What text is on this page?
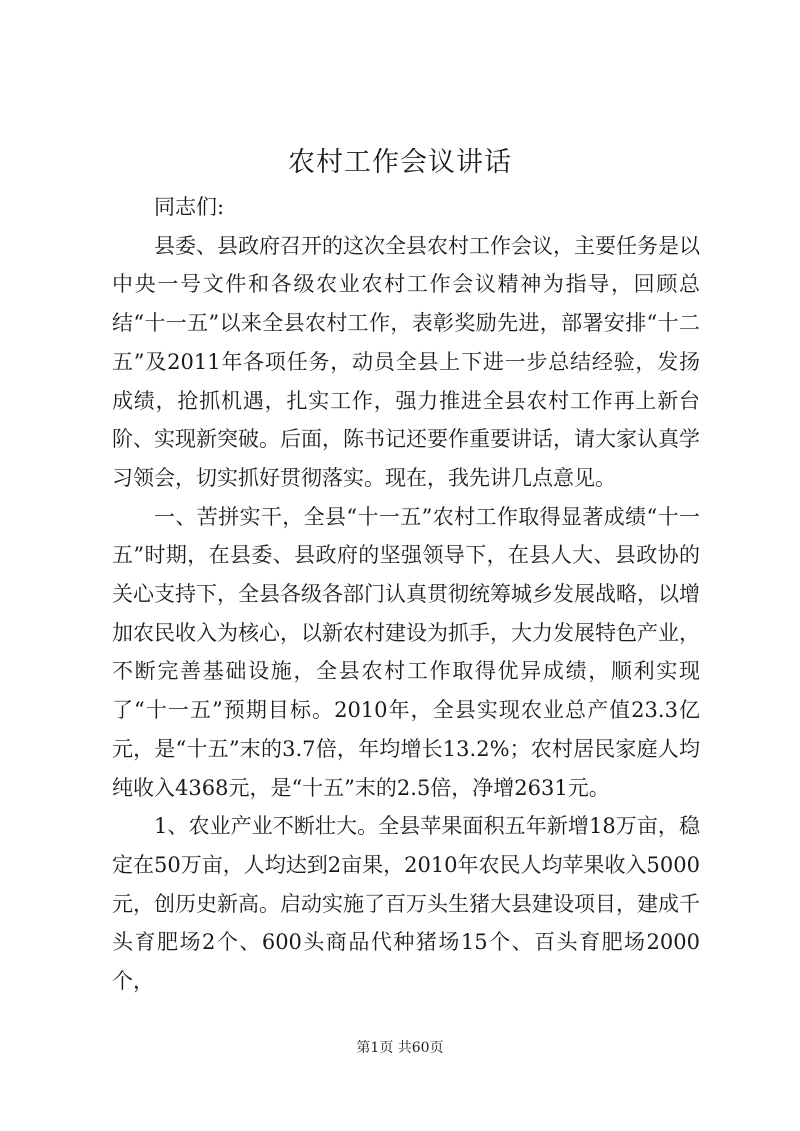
农村工作会议讲话

同志们:

县委、县政府召开的这次全县农村工作会议，主要任务是以中央一号文件和各级农业农村工作会议精神为指导，回顾总结“十一五”以来全县农村工作，表彰奖励先进，部署安排“十二五”及2011年各项任务，动员全县上下进一步总结经验，发扬成绩，抢抓机遇，扎实工作，强力推进全县农村工作再上新台阶、实现新突破。后面，陈书记还要作重要讲话，请大家认真学习领会，切实抓好贯彻落实。现在，我先讲几点意见。

一、苦拼实干，全县“十一五”农村工作取得显著成绩“十一五”时期，在县委、县政府的坚强领导下，在县人大、县政协的关心支持下，全县各级各部门认真贯彻统筹城乡发展战略，以增加农民收入为核心，以新农村建设为抓手，大力发展特色产业，不断完善基础设施，全县农村工作取得优异成绩，顺利实现了“十一五”预期目标。2010年，全县实现农业总产值23.3亿元，是“十五”末的3.7倍，年均增长13.2%；农村居民家庭人均纯收入4368元，是“十五”末的2.5倍，净增2631元。

1、农业产业不断壮大。全县苹果面积五年新增18万亩，稳定在50万亩，人均达到2亩果，2010年农民人均苹果收入5000元，创历史新高。启动实施了百万头生猪大县建设项目，建成千头育肥场2个、600头商品代种猪场15个、百头育肥场2000个，

第1页 共60页
